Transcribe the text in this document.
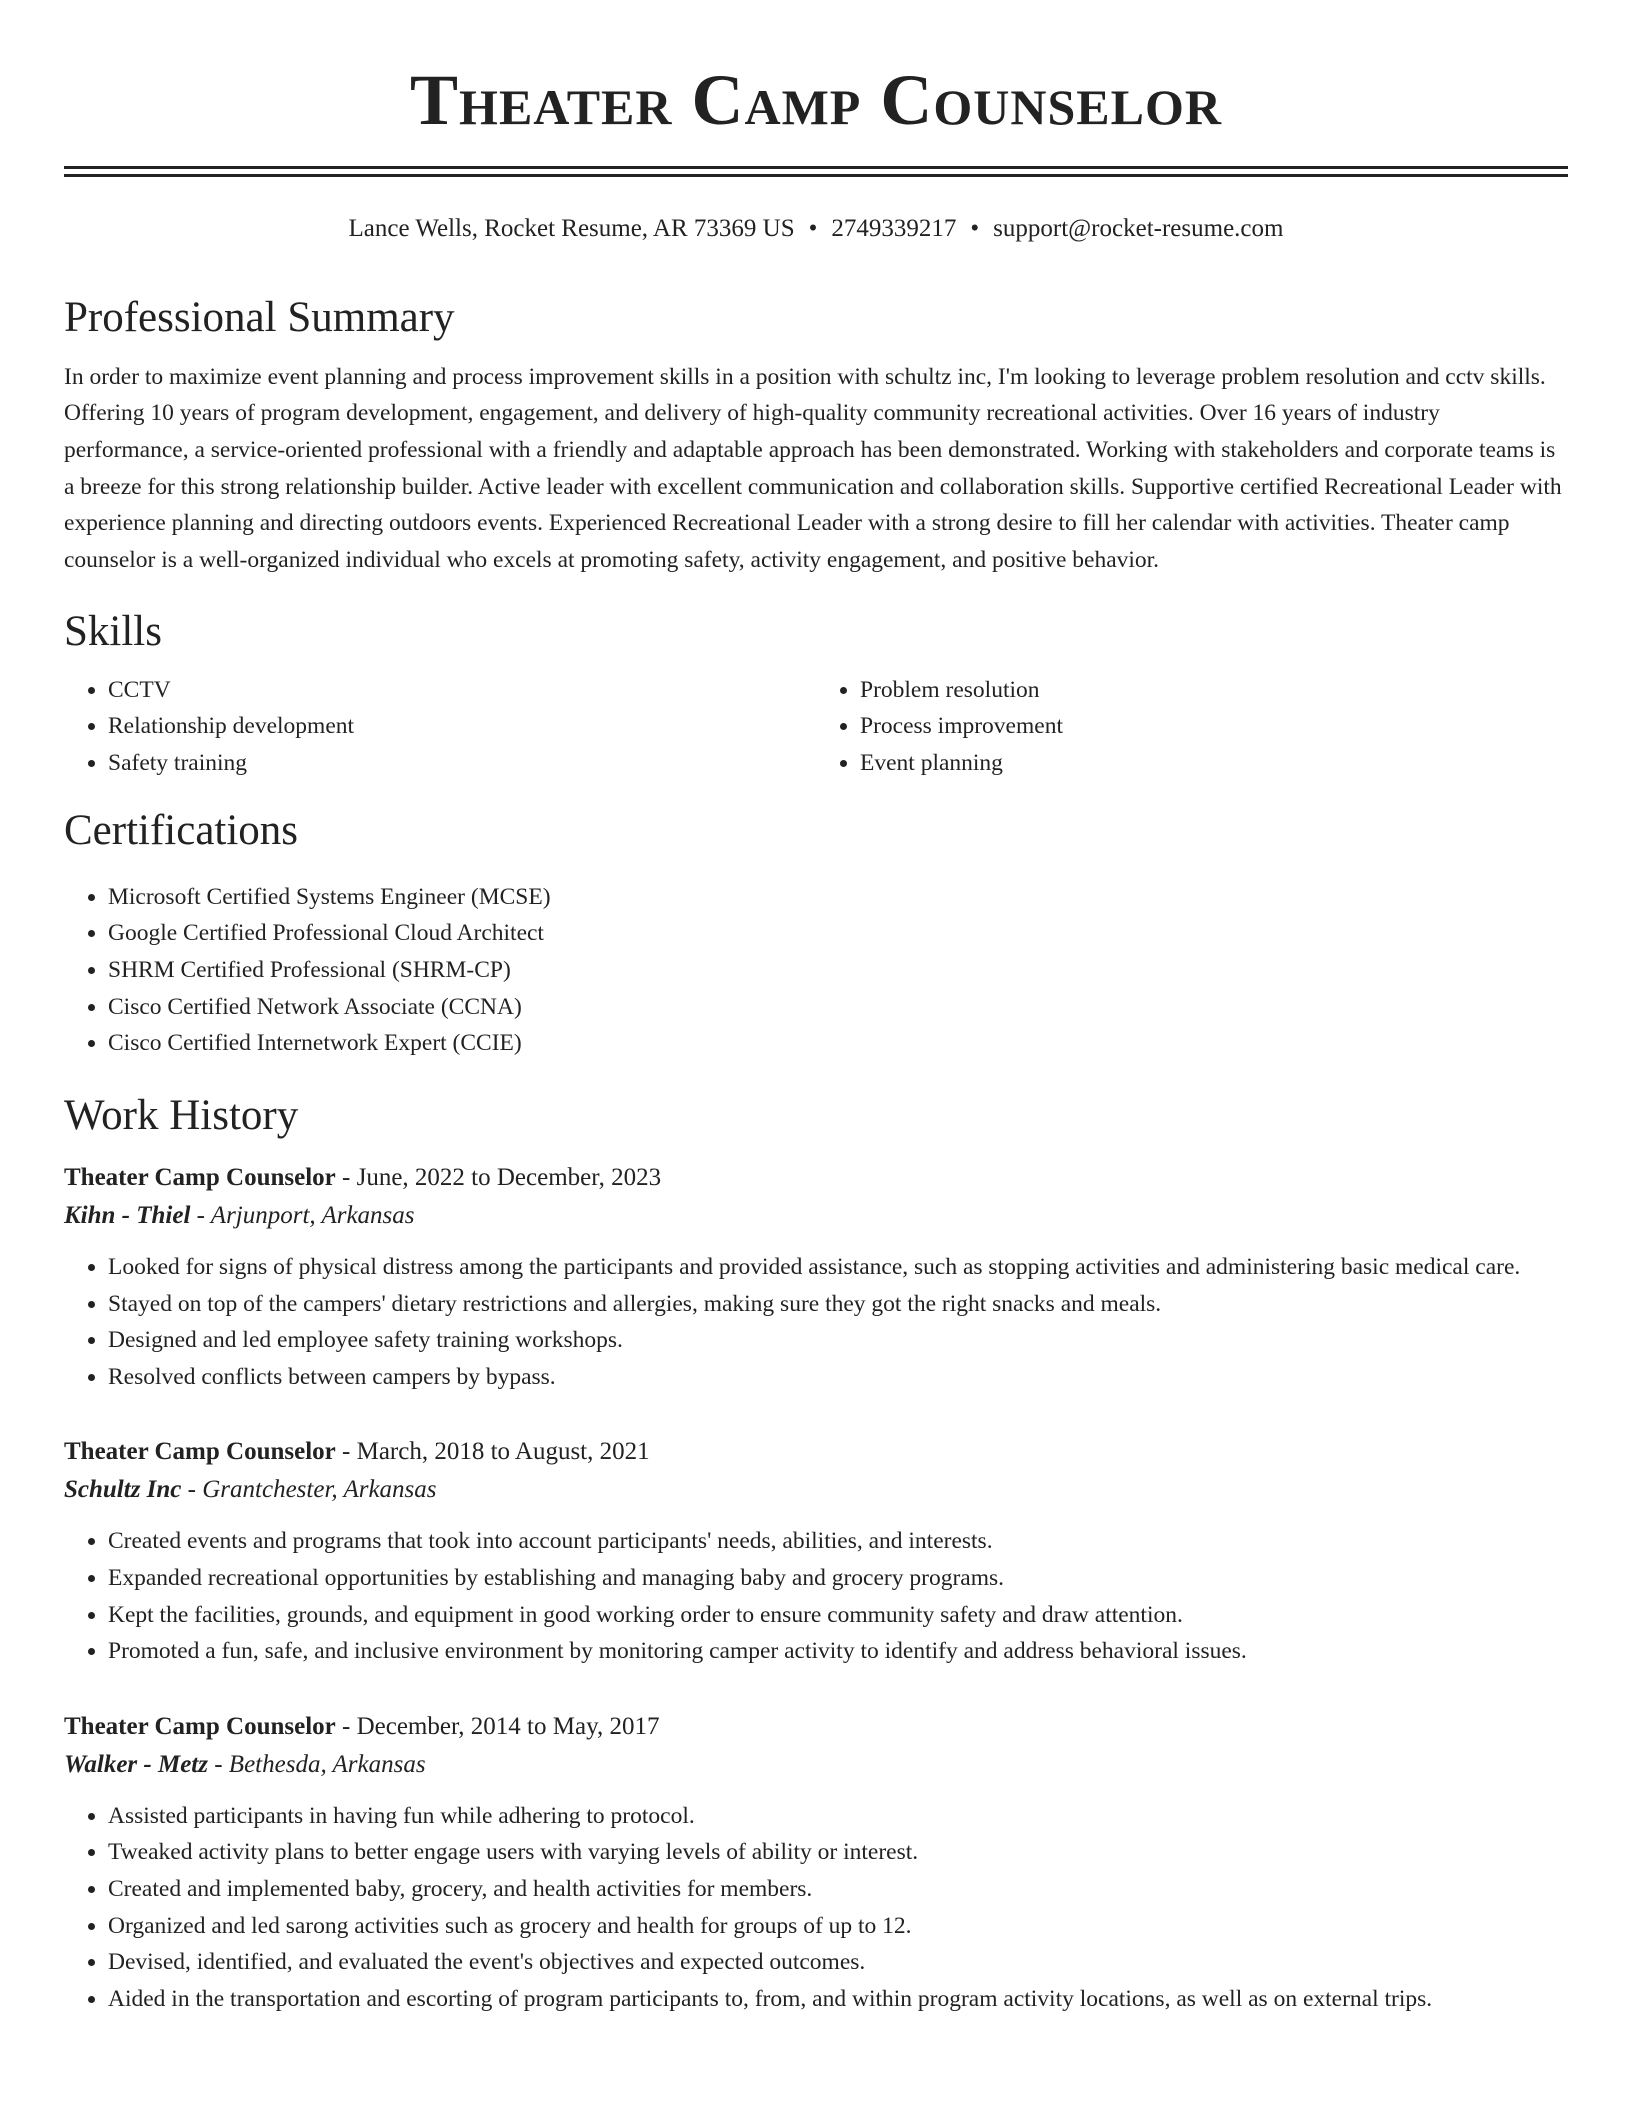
Theater Camp Counselor
Lance Wells, Rocket Resume, AR 73369 US • 2749339217 • support@rocket-resume.com
Professional Summary

In order to maximize event planning and process improvement skills in a position with schultz inc, I'm looking to leverage problem resolution and cctv skills. Offering 10 years of program development, engagement, and delivery of high-quality community recreational activities. Over 16 years of industry performance, a service-oriented professional with a friendly and adaptable approach has been demonstrated. Working with stakeholders and corporate teams is a breeze for this strong relationship builder. Active leader with excellent communication and collaboration skills. Supportive certified Recreational Leader with experience planning and directing outdoors events. Experienced Recreational Leader with a strong desire to fill her calendar with activities. Theater camp counselor is a well-organized individual who excels at promoting safety, activity engagement, and positive behavior.

Skills
• CCTV
• Relationship development
• Safety training
• Problem resolution
• Process improvement
• Event planning
Certifications
• Microsoft Certified Systems Engineer (MCSE)
• Google Certified Professional Cloud Architect
• SHRM Certified Professional (SHRM-CP)
• Cisco Certified Network Associate (CCNA)
• Cisco Certified Internetwork Expert (CCIE)
Work History
Theater Camp Counselor - June, 2022 to December, 2023
Kihn - Thiel - Arjunport, Arkansas
• Looked for signs of physical distress among the participants and provided assistance, such as stopping activities and administering basic medical care.
• Stayed on top of the campers' dietary restrictions and allergies, making sure they got the right snacks and meals.
• Designed and led employee safety training workshops.
• Resolved conflicts between campers by bypass.
Theater Camp Counselor - March, 2018 to August, 2021
Schultz Inc - Grantchester, Arkansas
• Created events and programs that took into account participants' needs, abilities, and interests.
• Expanded recreational opportunities by establishing and managing baby and grocery programs.
• Kept the facilities, grounds, and equipment in good working order to ensure community safety and draw attention.
• Promoted a fun, safe, and inclusive environment by monitoring camper activity to identify and address behavioral issues.
Theater Camp Counselor - December, 2014 to May, 2017
Walker - Metz - Bethesda, Arkansas
• Assisted participants in having fun while adhering to protocol.
• Tweaked activity plans to better engage users with varying levels of ability or interest.
• Created and implemented baby, grocery, and health activities for members.
• Organized and led sarong activities such as grocery and health for groups of up to 12.
• Devised, identified, and evaluated the event's objectives and expected outcomes.
• Aided in the transportation and escorting of program participants to, from, and within program activity locations, as well as on external trips.
